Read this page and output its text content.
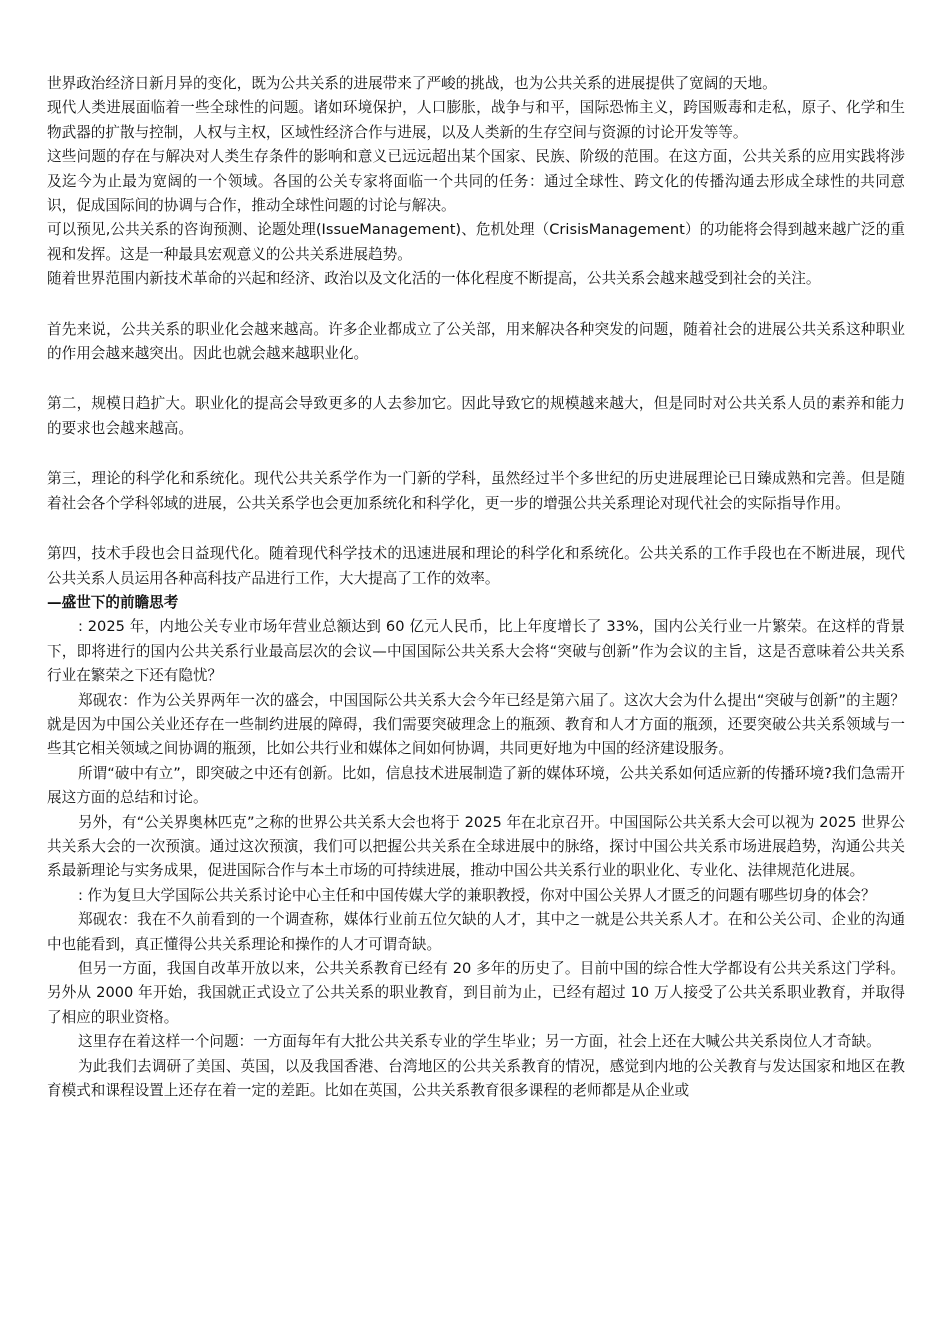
世界政治经济日新月异的变化，既为公共关系的进展带来了严峻的挑战，也为公共关系的进展提供了宽阔的天地。

现代人类进展面临着一些全球性的问题。诸如环境保护，人口膨胀，战争与和平，国际恐怖主义，跨国贩毒和走私，原子、化学和生物武器的扩散与控制，人权与主权，区域性经济合作与进展，以及人类新的生存空间与资源的讨论开发等等。

这些问题的存在与解决对人类生存条件的影响和意义已远远超出某个国家、民族、阶级的范围。在这方面，公共关系的应用实践将涉及迄今为止最为宽阔的一个领域。各国的公关专家将面临一个共同的任务：通过全球性、跨文化的传播沟通去形成全球性的共同意识，促成国际间的协调与合作，推动全球性问题的讨论与解决。

可以预见,公共关系的咨询预测、论题处理(IssueManagement)、危机处理（CrisisManagement）的功能将会得到越来越广泛的重视和发挥。这是一种最具宏观意义的公共关系进展趋势。

随着世界范围内新技术革命的兴起和经济、政治以及文化活的一体化程度不断提高，公共关系会越来越受到社会的关注。

首先来说，公共关系的职业化会越来越高。许多企业都成立了公关部，用来解决各种突发的问题，随着社会的进展公共关系这种职业的作用会越来越突出。因此也就会越来越职业化。

第二，规模日趋扩大。职业化的提高会导致更多的人去参加它。因此导致它的规模越来越大，但是同时对公共关系人员的素养和能力的要求也会越来越高。

第三，理论的科学化和系统化。现代公共关系学作为一门新的学科，虽然经过半个多世纪的历史进展理论已日臻成熟和完善。但是随着社会各个学科邻域的进展，公共关系学也会更加系统化和科学化，更一步的增强公共关系理论对现代社会的实际指导作用。

第四，技术手段也会日益现代化。随着现代科学技术的迅速进展和理论的科学化和系统化。公共关系的工作手段也在不断进展，现代公共关系人员运用各种高科技产品进行工作，大大提高了工作的效率。

—盛世下的前瞻思考

: 2025 年，内地公关专业市场年营业总额达到 60 亿元人民币，比上年度增长了 33%，国内公关行业一片繁荣。在这样的背景下，即将进行的国内公共关系行业最高层次的会议—中国国际公共关系大会将“突破与创新”作为会议的主旨，这是否意味着公共关系行业在繁荣之下还有隐忧？

郑砚农：作为公关界两年一次的盛会，中国国际公共关系大会今年已经是第六届了。这次大会为什么提出“突破与创新”的主题？就是因为中国公关业还存在一些制约进展的障碍，我们需要突破理念上的瓶颈、教育和人才方面的瓶颈，还要突破公共关系领域与一些其它相关领域之间协调的瓶颈，比如公共行业和媒体之间如何协调，共同更好地为中国的经济建设服务。

所谓“破中有立”，即突破之中还有创新。比如，信息技术进展制造了新的媒体环境，公共关系如何适应新的传播环境?我们急需开展这方面的总结和讨论。

另外，有“公关界奥林匹克”之称的世界公共关系大会也将于 2025 年在北京召开。中国国际公共关系大会可以视为 2025 世界公共关系大会的一次预演。通过这次预演，我们可以把握公共关系在全球进展中的脉络，探讨中国公共关系市场进展趋势，沟通公共关系最新理论与实务成果，促进国际合作与本土市场的可持续进展，推动中国公共关系行业的职业化、专业化、法律规范化进展。

: 作为复旦大学国际公共关系讨论中心主任和中国传媒大学的兼职教授，你对中国公关界人才匮乏的问题有哪些切身的体会？

郑砚农：我在不久前看到的一个调查称，媒体行业前五位欠缺的人才，其中之一就是公共关系人才。在和公关公司、企业的沟通中也能看到，真正懂得公共关系理论和操作的人才可谓奇缺。

但另一方面，我国自改革开放以来，公共关系教育已经有 20 多年的历史了。目前中国的综合性大学都设有公共关系这门学科。另外从 2000 年开始，我国就正式设立了公共关系的职业教育，到目前为止，已经有超过 10 万人接受了公共关系职业教育，并取得了相应的职业资格。

这里存在着这样一个问题：一方面每年有大批公共关系专业的学生毕业；另一方面，社会上还在大喊公共关系岗位人才奇缺。

为此我们去调研了美国、英国，以及我国香港、台湾地区的公共关系教育的情况，感觉到内地的公关教育与发达国家和地区在教育模式和课程设置上还存在着一定的差距。比如在英国，公共关系教育很多课程的老师都是从企业或
